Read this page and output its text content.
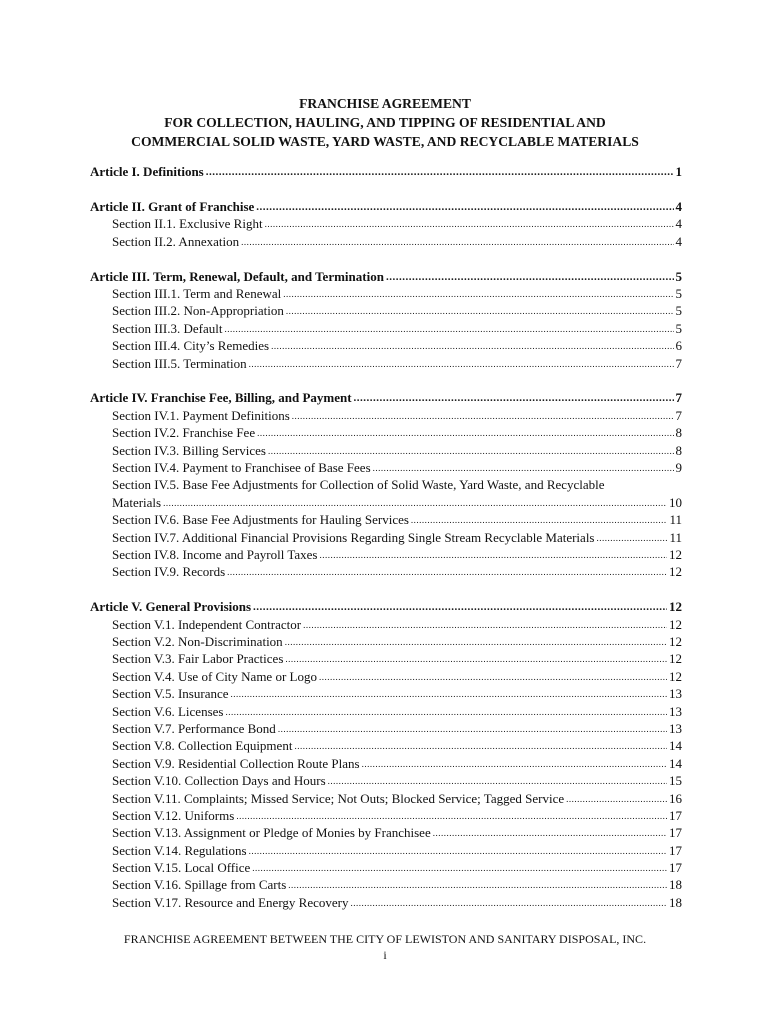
FRANCHISE AGREEMENT
FOR COLLECTION, HAULING, AND TIPPING OF RESIDENTIAL AND
COMMERCIAL SOLID WASTE, YARD WASTE, AND RECYCLABLE MATERIALS
Article I. Definitions .....	1
Article II. Grant of Franchise .....	4
Section II.1. Exclusive Right .....	4
Section II.2. Annexation .....	4
Article III. Term, Renewal, Default, and Termination .....	5
Section III.1. Term and Renewal .....	5
Section III.2. Non-Appropriation .....	5
Section III.3. Default .....	5
Section III.4. City’s Remedies .....	6
Section III.5. Termination .....	7
Article IV. Franchise Fee, Billing, and Payment .....	7
Section IV.1. Payment Definitions .....	7
Section IV.2. Franchise Fee .....	8
Section IV.3. Billing Services .....	8
Section IV.4. Payment to Franchisee of Base Fees .....	9
Section IV.5. Base Fee Adjustments for Collection of Solid Waste, Yard Waste, and Recyclable
Materials .....	10
Section IV.6. Base Fee Adjustments for Hauling Services .....	11
Section IV.7. Additional Financial Provisions Regarding Single Stream Recyclable Materials .....	11
Section IV.8. Income and Payroll Taxes .....	12
Section IV.9. Records .....	12
Article V. General Provisions .....	12
Section V.1. Independent Contractor .....	12
Section V.2. Non-Discrimination .....	12
Section V.3. Fair Labor Practices .....	12
Section V.4. Use of City Name or Logo .....	12
Section V.5. Insurance .....	13
Section V.6. Licenses .....	13
Section V.7. Performance Bond .....	13
Section V.8. Collection Equipment .....	14
Section V.9. Residential Collection Route Plans .....	14
Section V.10. Collection Days and Hours .....	15
Section V.11. Complaints; Missed Service; Not Outs; Blocked Service; Tagged Service .....	16
Section V.12. Uniforms .....	17
Section V.13. Assignment or Pledge of Monies by Franchisee .....	17
Section V.14. Regulations .....	17
Section V.15. Local Office .....	17
Section V.16. Spillage from Carts .....	18
Section V.17. Resource and Energy Recovery .....	18
FRANCHISE AGREEMENT BETWEEN THE CITY OF LEWISTON AND SANITARY DISPOSAL, INC.
i
